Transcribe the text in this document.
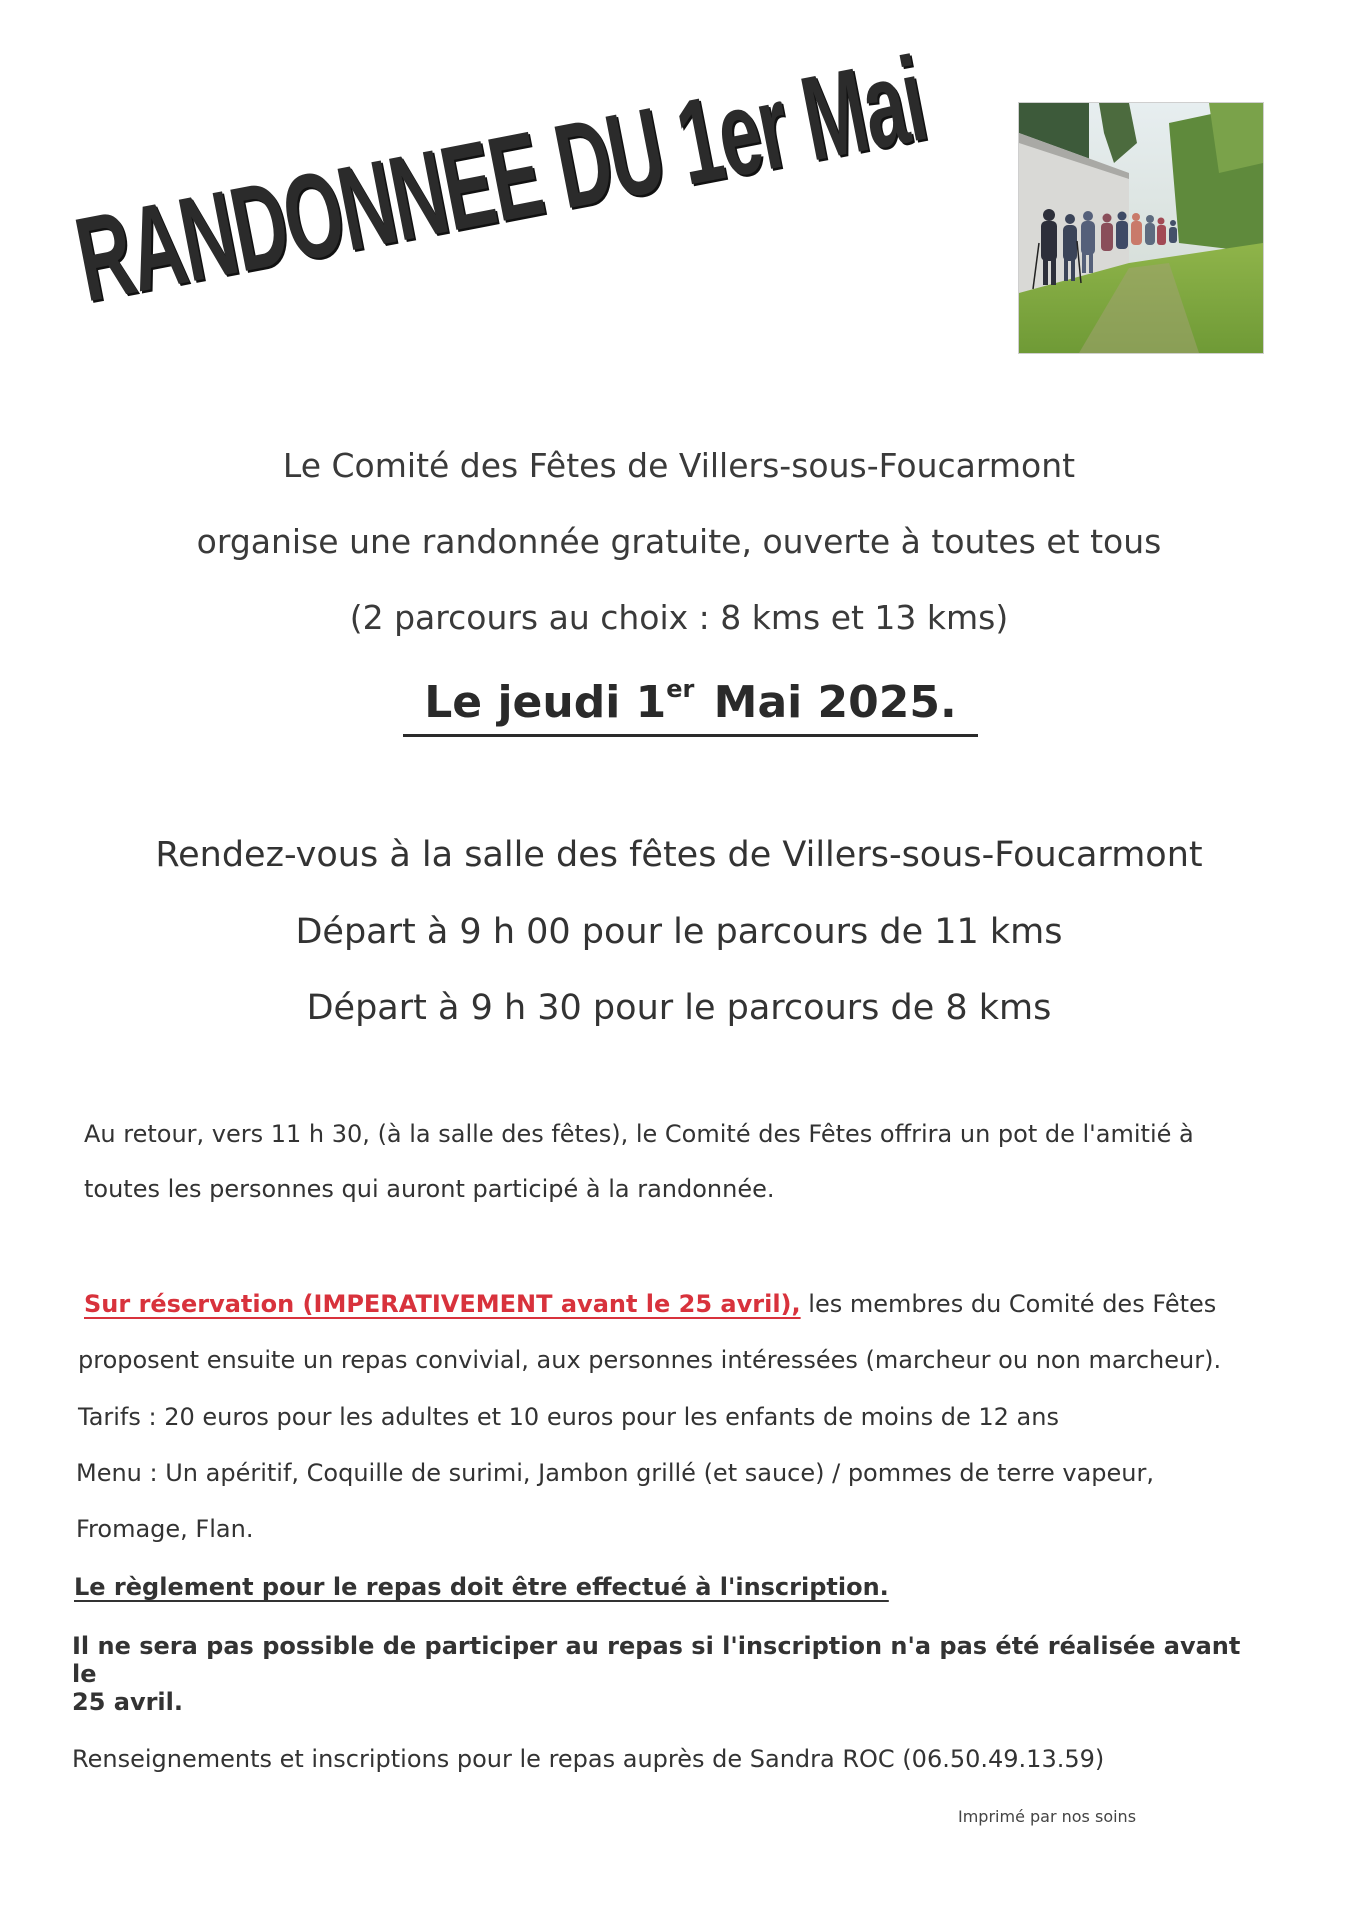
RANDONNEE DU 1er Mai
Le Comité des Fêtes de Villers-sous-Foucarmont
organise une randonnée gratuite, ouverte à toutes et tous
(2 parcours au choix : 8 kms et 13 kms)
Le jeudi 1er Mai 2025.
Rendez-vous à la salle des fêtes de Villers-sous-Foucarmont
Départ à 9 h 00 pour le parcours de 11 kms
Départ à 9 h 30 pour le parcours de 8 kms
Au retour, vers 11 h 30, (à la salle des fêtes), le Comité des Fêtes offrira un pot de l'amitié à
toutes les personnes qui auront participé à la randonnée.
Sur réservation (IMPERATIVEMENT avant le 25 avril), les membres du Comité des Fêtes
proposent ensuite un repas convivial, aux personnes intéressées (marcheur ou non marcheur).
Tarifs : 20 euros pour les adultes et 10 euros pour les enfants de moins de 12 ans
Menu : Un apéritif, Coquille de surimi, Jambon grillé (et sauce) / pommes de terre vapeur,
Fromage, Flan.
Le règlement pour le repas doit être effectué à l'inscription.
Il ne sera pas possible de participer au repas si l'inscription n'a pas été réalisée avant le
25 avril.
Renseignements et inscriptions pour le repas auprès de Sandra ROC (06.50.49.13.59)
Imprimé par nos soins
